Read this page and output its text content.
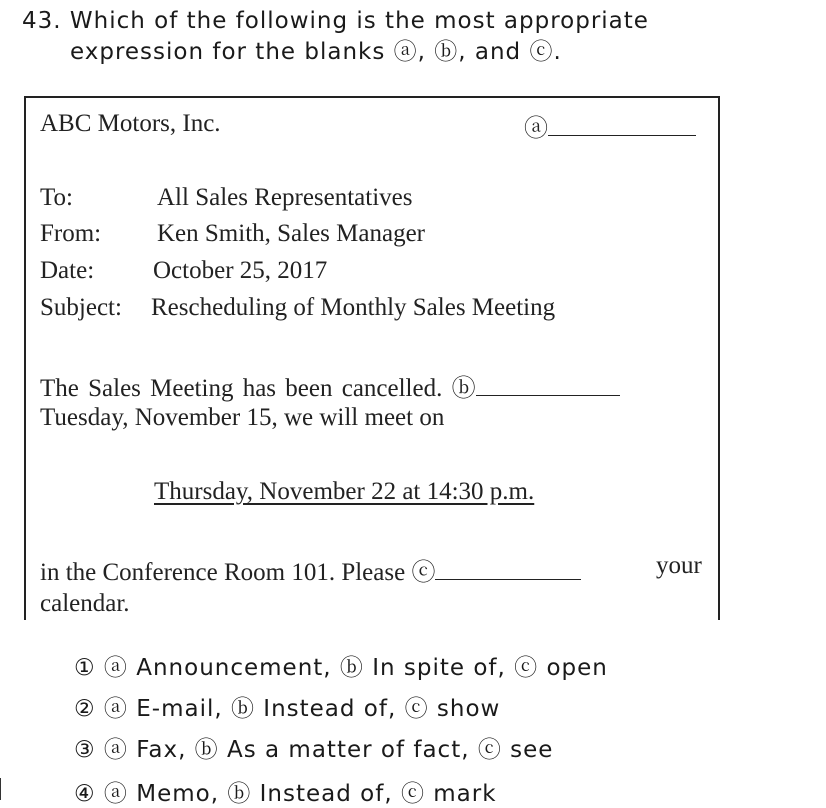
43. Which of the following is the most appropriate
expression for the blanks ⓐ, ⓑ, and ⓒ.
ABC Motors, Inc.	ⓐ
To:	All Sales Representatives
From: Ken Smith, Sales Manager
Date: October 25, 2017
Subject: Rescheduling of Monthly Sales Meeting
The Sales Meeting has been cancelled. ⓑ
Tuesday, November 15, we will meet on
Thursday, November 22 at 14:30 p.m.
in the Conference Room 101. Please ⓒ	your
calendar.
① ⓐ Announcement, ⓑ In spite of, ⓒ open
② ⓐ E-mail, ⓑ Instead of, ⓒ show
③ ⓐ Fax, ⓑ As a matter of fact, ⓒ see
④ ⓐ Memo, ⓑ Instead of, ⓒ mark
